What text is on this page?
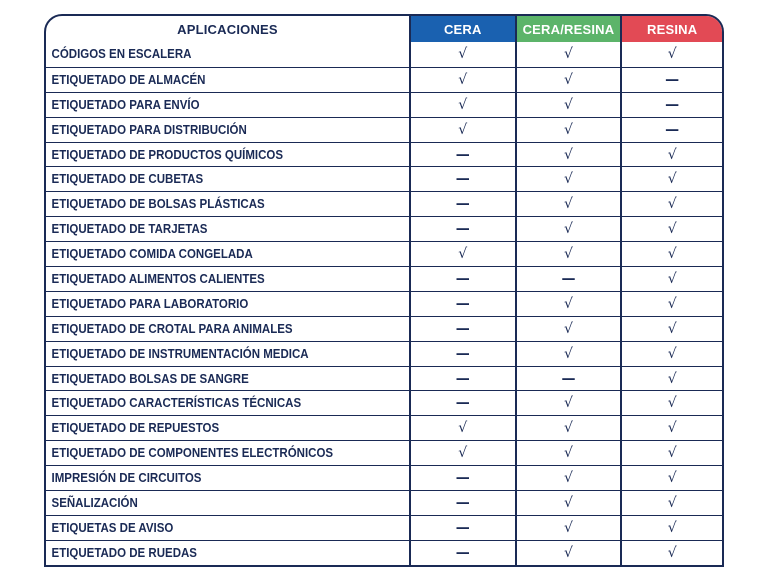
APLICACIONES	CERA	CERA/RESINA	RESINA
CÓDIGOS EN ESCALERA	√	√	√
ETIQUETADO DE ALMACÉN	√	√	—
ETIQUETADO PARA ENVÍO	√	√	—
ETIQUETADO PARA DISTRIBUCIÓN	√	√	—
ETIQUETADO DE PRODUCTOS QUÍMICOS	—	√	√
ETIQUETADO DE CUBETAS	—	√	√
ETIQUETADO DE BOLSAS PLÁSTICAS	—	√	√
ETIQUETADO DE TARJETAS	—	√	√
ETIQUETADO COMIDA CONGELADA	√	√	√
ETIQUETADO ALIMENTOS CALIENTES	—	—	√
ETIQUETADO PARA LABORATORIO	—	√	√
ETIQUETADO DE CROTAL PARA ANIMALES	—	√	√
ETIQUETADO DE INSTRUMENTACIÓN MEDICA	—	√	√
ETIQUETADO BOLSAS DE SANGRE	—	—	√
ETIQUETADO CARACTERÍSTICAS TÉCNICAS	—	√	√
ETIQUETADO DE REPUESTOS	√	√	√
ETIQUETADO DE COMPONENTES ELECTRÓNICOS	√	√	√
IMPRESIÓN DE CIRCUITOS	—	√	√
SEÑALIZACIÓN	—	√	√
ETIQUETAS DE AVISO	—	√	√
ETIQUETADO DE RUEDAS	—	√	√
